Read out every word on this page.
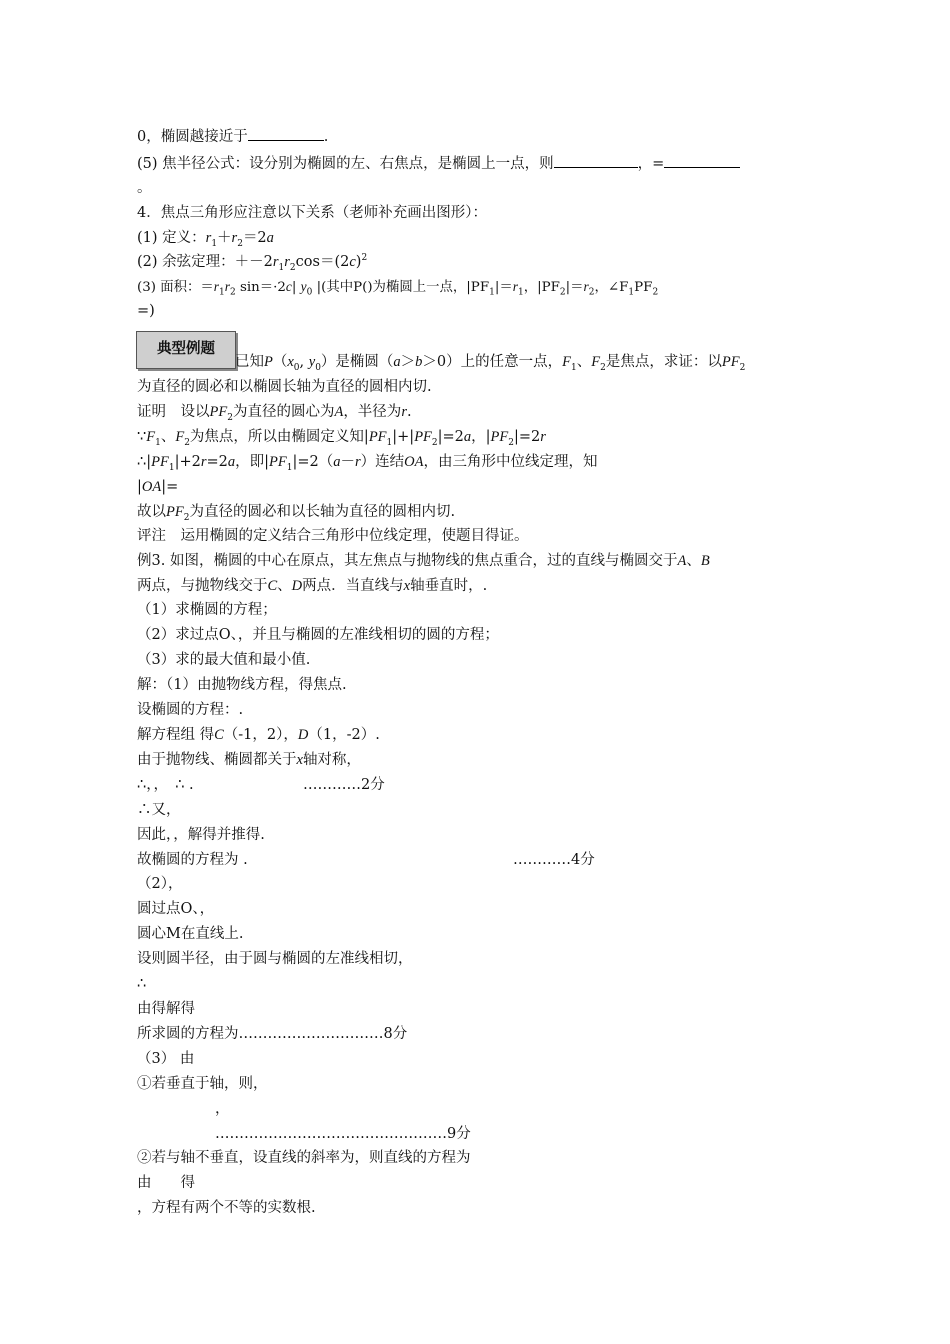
0，椭圆越接近于	.
(5) 焦半径公式：设分别为椭圆的左、右焦点，是椭圆上一点，则	，=
。
4．焦点三角形应注意以下关系（老师补充画出图形）：
(1) 定义：$r_1+r_2=2a$
(2) 余弦定理：$+-2r_1r_2\cos=(2c)^2$
(3) 面积：$=r_1r_2$ sin＝·2c| $y_0$ |(其中P()为椭圆上一点，$|PF_1|=r_1$，$|PF_2|=r_2$，$\angle F_1PF_2$
=)
典型例题
已知$P(x_0$, $y_0$）是椭圆（a＞b＞0）上的任意一点，$F_1$、$F_2$是焦点，求证：以$PF_2$
为直径的圆必和以椭圆长轴为直径的圆相内切.
证明　设以$PF_2$为直径的圆心为A，半径为r.
$\because F_1$、$F_2$为焦点，所以由椭圆定义知$|PF_1|+|PF_2|=2a$，$|PF_2|=2r$
$\therefore|PF_1|+2r=2a$，即$|PF_1|=2(a-r)$连结OA，由三角形中位线定理，知
|OA|=
故以$PF_2$为直径的圆必和以长轴为直径的圆相内切.
评注　运用椭圆的定义结合三角形中位线定理，使题目得证。
例3. 如图，椭圆的中心在原点，其左焦点与抛物线的焦点重合，过的直线与椭圆交于A、B
两点，与抛物线交于C、D两点．当直线与x轴垂直时，.
（1）求椭圆的方程；
（2）求过点O、，并且与椭圆的左准线相切的圆的方程；
（3）求的最大值和最小值.
解：（1）由抛物线方程，得焦点.
设椭圆的方程：.
解方程组 得C（-1，2），D（1，-2）.
由于抛物线、椭圆都关于x轴对称，
∴，，　∴ .	…………2分
∴又，
因此，，解得并推得.
故椭圆的方程为 .	…………4分
（2），
圆过点O、，
圆心M在直线上.
设则圆半径，由于圆与椭圆的左准线相切，
∴
由得解得
所求圆的方程为…………………………8分
（3） 由
①若垂直于轴，则，
，
…………………………………………9分
②若与轴不垂直，设直线的斜率为，则直线的方程为
由　　得
，方程有两个不等的实数根.
